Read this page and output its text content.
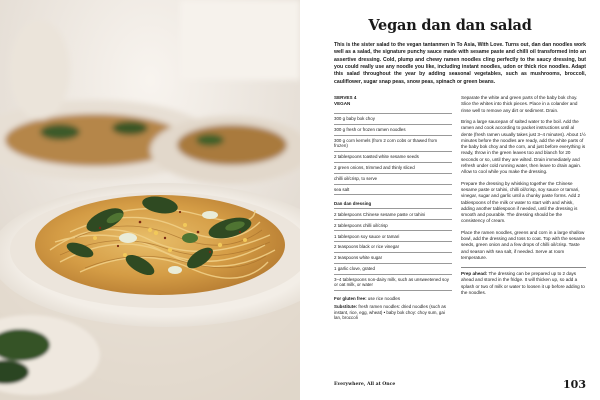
Vegan dan dan salad

This is the sister salad to the vegan tantanmen in To Asia, With Love. Turns out, dan dan noodles work well as a salad, the signature punchy sauce made with sesame paste and chilli oil transformed into an assertive dressing. Cold, plump and chewy ramen noodles cling perfectly to the saucy dressing, but you could really use any noodle you like, including instant noodles, udon or thick rice noodles. Adapt this salad throughout the year by adding seasonal vegetables, such as mushrooms, broccoli, cauliflower, sugar snap peas, snow peas, spinach or green beans.

SERVES 4
VEGAN
300 g baby bok choy
300 g fresh or frozen ramen noodles
300 g corn kernels (from 2 corn cobs or thawed from frozen)
2 tablespoons toasted white sesame seeds
2 green onions, trimmed and thinly sliced
chilli oil/crisp, to serve
sea salt
Dan dan dressing
2 tablespoons Chinese sesame paste or tahini
2 tablespoons chilli oil/crisp
1 tablespoon soy sauce or tamari
2 teaspoons black or rice vinegar
2 teaspoons white sugar
1 garlic clove, grated
3–4 tablespoons non-dairy milk, such as unsweetened soy or oat milk, or water
For gluten free: use rice noodles
Substitute: fresh ramen noodles: dried noodles (such as instant, rice, egg, wheat) • baby bok choy: choy sum, gai lan, broccoli

Separate the white and green parts of the baby bok choy. Slice the whites into thick pieces. Place in a colander and rinse well to remove any dirt or sediment. Drain.

Bring a large saucepan of salted water to the boil. Add the ramen and cook according to packet instructions until al dente (fresh ramen usually takes just 3–4 minutes). About 1½ minutes before the noodles are ready, add the white parts of the baby bok choy and the corn, and just before everything is ready, throw in the green leaves too and blanch for 20 seconds or so, until they are wilted. Drain immediately and refresh under cold running water, then leave to drain again. Allow to cool while you make the dressing.

Prepare the dressing by whisking together the Chinese sesame paste or tahini, chilli oil/crisp, soy sauce or tamari, vinegar, sugar and garlic until a chunky paste forms. Add 2 tablespoons of the milk or water to start with and whisk, adding another tablespoon if needed, until the dressing is smooth and pourable. The dressing should be the consistency of cream.

Place the ramen noodles, greens and corn in a large shallow bowl, add the dressing and toss to coat. Top with the sesame seeds, green onion and a few drops of chilli oil/crisp. Taste and season with sea salt, if needed. Serve at room temperature.

Prep ahead: The dressing can be prepared up to 2 days ahead and stored in the fridge. It will thicken up, so add a splash or two of milk or water to loosen it up before adding to the noodles.
Everywhere, All at Once	103
